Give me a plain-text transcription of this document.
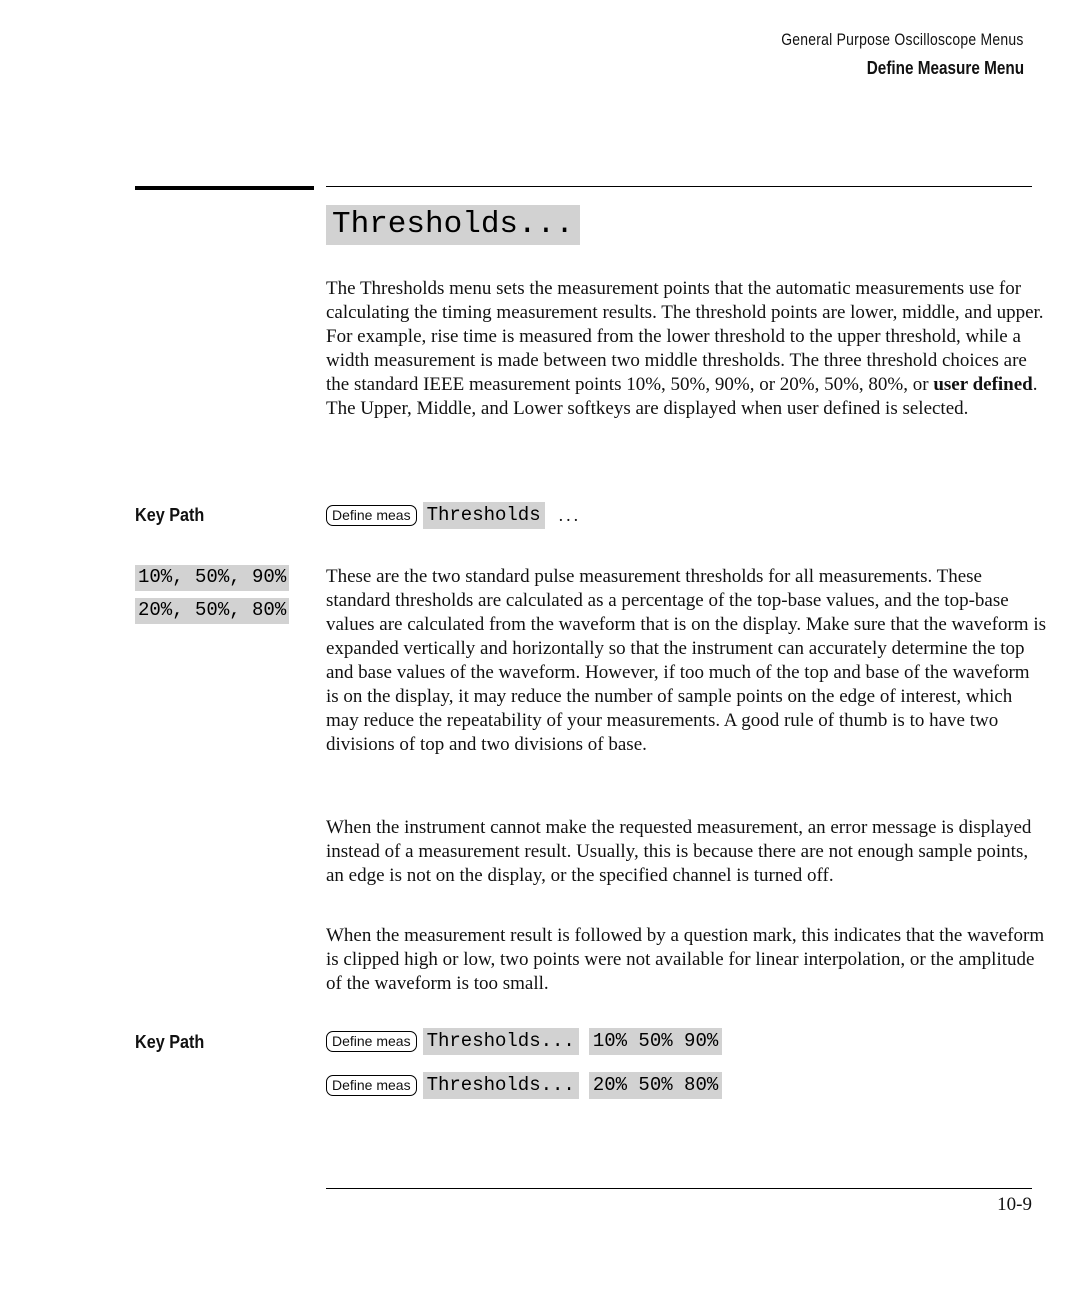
General Purpose Oscilloscope Menus
Define Measure Menu
Thresholds...

The Thresholds menu sets the measurement points that the automatic measurements use for calculating the timing measurement results. The threshold points are lower, middle, and upper. For example, rise time is measured from the lower threshold to the upper threshold, while a width measurement is made between two middle thresholds. The three threshold choices are the standard IEEE measurement points 10%, 50%, 90%, or 20%, 50%, 80%, or user defined. The Upper, Middle, and Lower softkeys are displayed when user defined is selected.

Key Path	Define meas Thresholds ...
10%, 50%, 90%
20%, 50%, 80%

These are the two standard pulse measurement thresholds for all measurements. These standard thresholds are calculated as a percentage of the top-base values, and the top-base values are calculated from the waveform that is on the display. Make sure that the waveform is expanded vertically and horizontally so that the instrument can accurately determine the top and base values of the waveform. However, if too much of the top and base of the waveform is on the display, it may reduce the number of sample points on the edge of interest, which may reduce the repeatability of your measurements. A good rule of thumb is to have two divisions of top and two divisions of base.

When the instrument cannot make the requested measurement, an error message is displayed instead of a measurement result. Usually, this is because there are not enough sample points, an edge is not on the display, or the specified channel is turned off.

When the measurement result is followed by a question mark, this indicates that the waveform is clipped high or low, two points were not available for linear interpolation, or the amplitude of the waveform is too small.

Key Path	Define meas Thresholds... 10% 50% 90%
Define meas Thresholds... 20% 50% 80%
10-9
